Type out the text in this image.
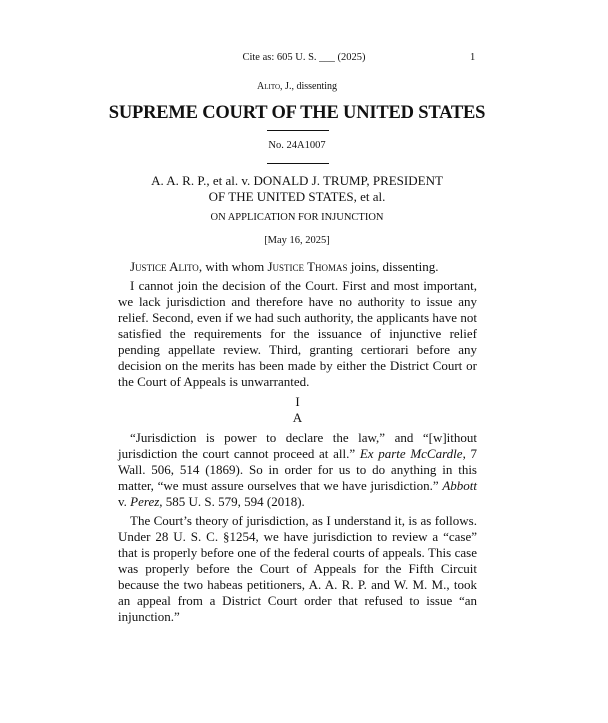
Cite as: 605 U. S. ___ (2025)	1
Alito, J., dissenting
SUPREME COURT OF THE UNITED STATES
No. 24A1007
A. A. R. P., et al. v. DONALD J. TRUMP, PRESIDENT
OF THE UNITED STATES, et al.
ON APPLICATION FOR INJUNCTION
[May 16, 2025]

Justice Alito, with whom Justice Thomas joins, dissenting.

I cannot join the decision of the Court. First and most important, we lack jurisdiction and therefore have no authority to issue any relief. Second, even if we had such authority, the applicants have not satisfied the requirements for the issuance of injunctive relief pending appellate review. Third, granting certiorari before any decision on the merits has been made by either the District Court or the Court of Appeals is unwarranted.

I

A

“Jurisdiction is power to declare the law,” and “[w]ithout jurisdiction the court cannot proceed at all.” Ex parte McCardle, 7 Wall. 506, 514 (1869). So in order for us to do anything in this matter, “we must assure ourselves that we have jurisdiction.” Abbott v. Perez, 585 U. S. 579, 594 (2018).

The Court’s theory of jurisdiction, as I understand it, is as follows. Under 28 U. S. C. §1254, we have jurisdiction to review a “case” that is properly before one of the federal courts of appeals. This case was properly before the Court of Appeals for the Fifth Circuit because the two habeas petitioners, A. A. R. P. and W. M. M., took an appeal from a District Court order that refused to issue “an injunction.”
